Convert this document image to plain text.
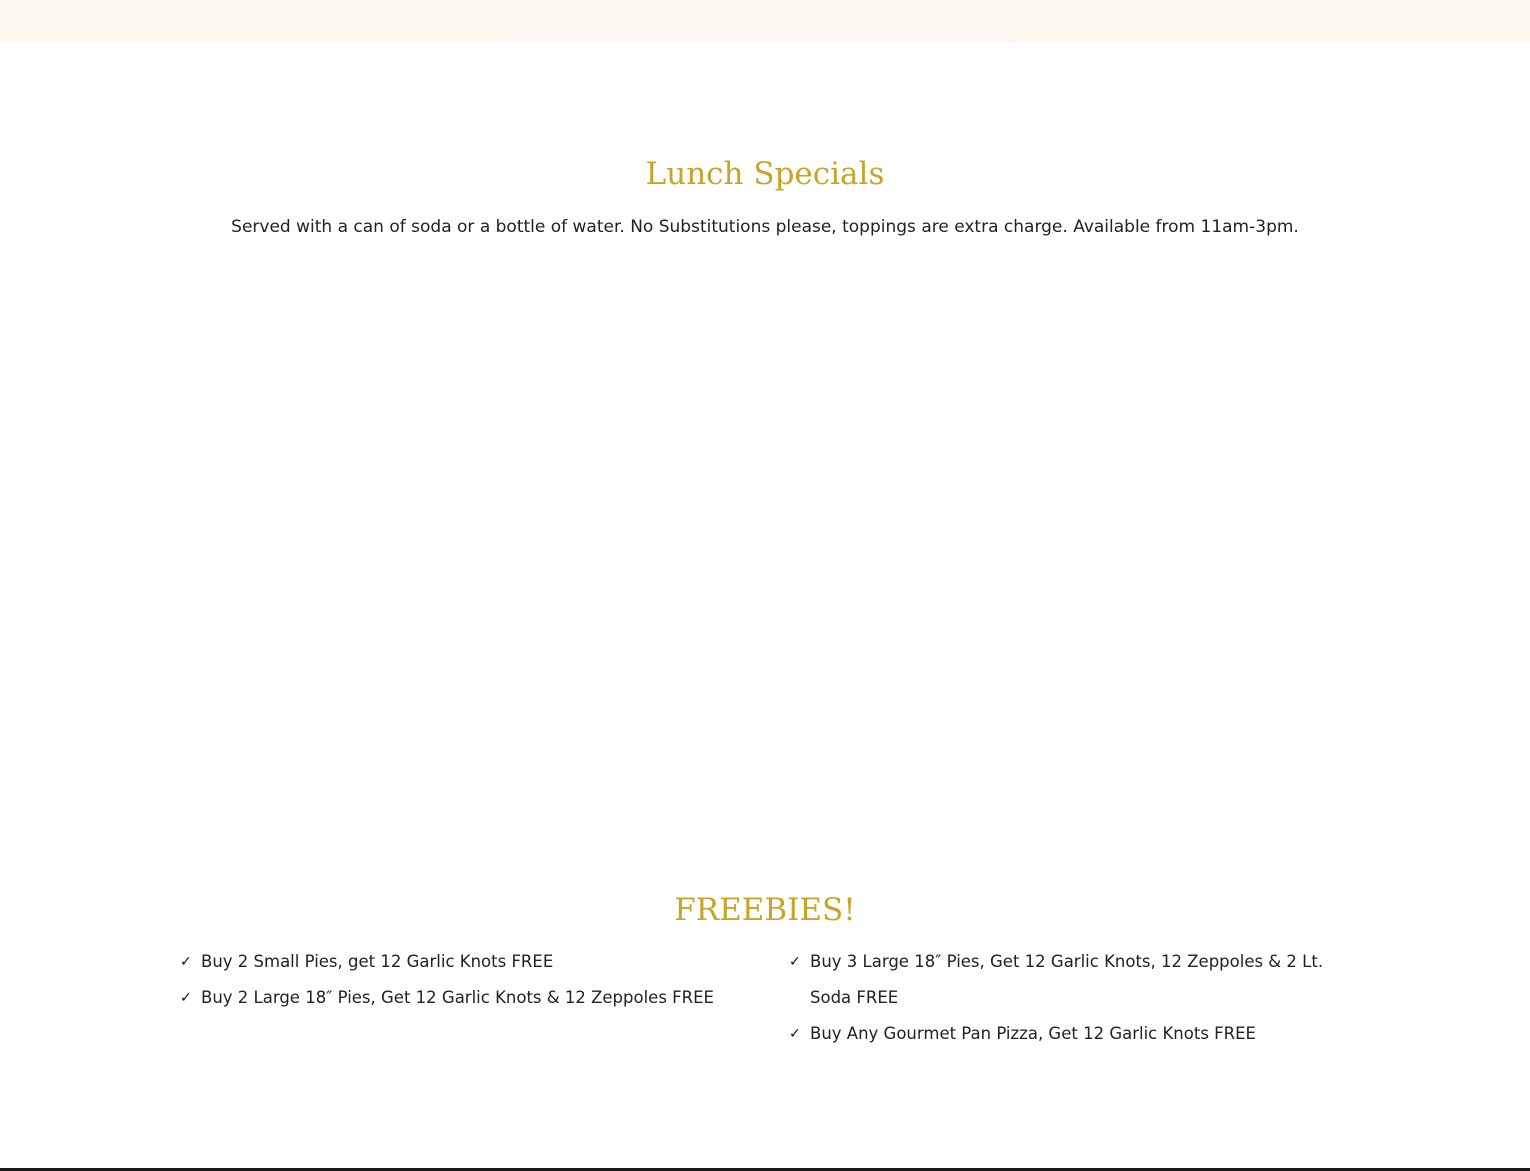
Lunch Specials

Served with a can of soda or a bottle of water. No Substitutions please, toppings are extra charge. Available from 11am-3pm.

FREEBIES!
✓ Buy 2 Small Pies, get 12 Garlic Knots FREE
✓ Buy 2 Large 18″ Pies, Get 12 Garlic Knots & 12 Zeppoles FREE
✓ Buy 3 Large 18″ Pies, Get 12 Garlic Knots, 12 Zeppoles & 2 Lt. Soda FREE
✓ Buy Any Gourmet Pan Pizza, Get 12 Garlic Knots FREE
